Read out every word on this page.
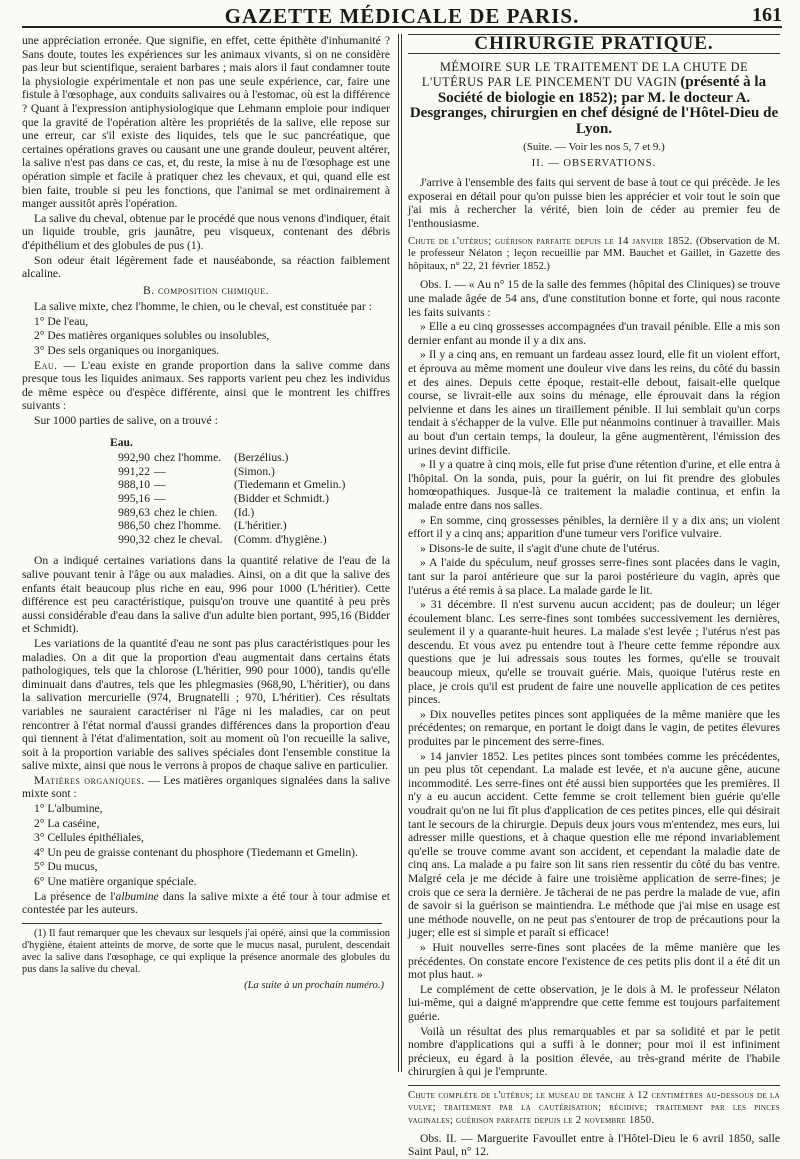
GAZETTE MÉDICALE DE PARIS.	161

une appréciation erronée. Que signifie, en effet, cette épithète d'inhumanité ? Sans doute, toutes les expériences sur les animaux vivants, si on ne considère pas leur but scientifique, seraient barbares ; mais alors il faut condamner toute la physiologie expérimentale et non pas une seule expérience, car, faire une fistule à l'œsophage, aux conduits salivaires ou à l'estomac, où est la différence ? Quant à l'expression antiphysiologique que Lehmann emploie pour indiquer que la gravité de l'opération altère les propriétés de la salive, elle repose sur une erreur, car s'il existe des liquides, tels que le suc pancréatique, que certaines opérations graves ou causant une une grande douleur, peuvent altérer, la salive n'est pas dans ce cas, et, du reste, la mise à nu de l'œsophage est une opération simple et facile à pratiquer chez les chevaux, et qui, quand elle est bien faite, trouble si peu les fonctions, que l'animal se met ordinairement à manger aussitôt après l'opération.

La salive du cheval, obtenue par le procédé que nous venons d'indiquer, était un liquide trouble, gris jaunâtre, peu visqueux, contenant des débris d'épithélium et des globules de pus (1).

Son odeur était légèrement fade et nauséabonde, sa réaction faiblement alcaline.

B. composition chimique.

La salive mixte, chez l'homme, le chien, ou le cheval, est constituée par :

1° De l'eau,

2° Des matières organiques solubles ou insolubles,

3° Des sels organiques ou inorganiques.

Eau. — L'eau existe en grande proportion dans la salive comme dans presque tous les liquides animaux. Ses rapports varient peu chez les individus de même espèce ou d'espèce différente, ainsi que le montrent les chiffres suivants :

Sur 1000 parties de salive, on a trouvé :

Eau.
992,90 chez l'homme.	(Berzélius.)
991,22 —	(Simon.)
988,10 —	(Tiedemann et Gmelin.)
995,16 —	(Bidder et Schmidt.)
989,63 chez le chien.	(Id.)
986,50 chez l'homme.	(L'héritier.)
990,32 chez le cheval. (Comm. d'hygiène.)

On a indiqué certaines variations dans la quantité relative de l'eau de la salive pouvant tenir à l'âge ou aux maladies. Ainsi, on a dit que la salive des enfants était beaucoup plus riche en eau, 996 pour 1000 (L'héritier). Cette différence est peu caractéristique, puisqu'on trouve une quantité à peu près aussi considérable d'eau dans la salive d'un adulte bien portant, 995,16 (Bidder et Schmidt).

Les variations de la quantité d'eau ne sont pas plus caractéristiques pour les maladies. On a dit que la proportion d'eau augmentait dans certains états pathologiques, tels que la chlorose (L'héritier, 990 pour 1000), tandis qu'elle diminuait dans d'autres, tels que les phlegmasies (968,90, L'héritier), ou dans la salivation mercurielle (974, Brugnatelli ; 970, L'héritier). Ces résultats variables ne sauraient caractériser ni l'âge ni les maladies, car on peut rencontrer à l'état normal d'aussi grandes différences dans la proportion d'eau qui tiennent à l'état d'alimentation, soit au moment où l'on recueille la salive, soit à la proportion variable des salives spéciales dont l'ensemble constitue la salive mixte, ainsi que nous le verrons à propos de chaque salive en particulier.

Matières organiques. — Les matières organiques signalées dans la salive mixte sont :

1° L'albumine,

2° La caséine,

3° Cellules épithéliales,

4° Un peu de graisse contenant du phosphore (Tiedemann et Gmelin).

5° Du mucus,

6° Une matière organique spéciale.

La présence de l'albumine dans la salive mixte a été tour à tour admise et contestée par les auteurs.

(1) Il faut remarquer que les chevaux sur lesquels j'ai opéré, ainsi que la commission d'hygiène, étaient atteints de morve, de sorte que le mucus nasal, purulent, descendait avec la salive dans l'œsophage, ce qui explique la présence anormale des globules du pus dans la salive du cheval.

(La suite à un prochain numéro.)

CHIRURGIE PRATIQUE.

MÉMOIRE SUR LE TRAITEMENT DE LA CHUTE DE L'UTÉRUS PAR LE PINCEMENT DU VAGIN (présenté à la Société de biologie en 1852); par M. le docteur A. Desgranges, chirurgien en chef désigné de l'Hôtel-Dieu de Lyon.

(Suite. — Voir les nos 5, 7 et 9.)

II. — OBSERVATIONS.

J'arrive à l'ensemble des faits qui servent de base à tout ce qui précède. Je les exposerai en détail pour qu'on puisse bien les apprécier et voir tout le soin que j'ai mis à rechercher la vérité, bien loin de céder au premier feu de l'enthousiasme.

Chute de l'utérus; guérison parfaite depuis le 14 janvier 1852. (Observation de M. le professeur Nélaton ; leçon recueillie par MM. Bauchet et Gaillet, in Gazette des hôpitaux, n° 22, 21 février 1852.)

Obs. I. — « Au n° 15 de la salle des femmes (hôpital des Cliniques) se trouve une malade âgée de 54 ans, d'une constitution bonne et forte, qui nous raconte les faits suivants :

» Elle a eu cinq grossesses accompagnées d'un travail pénible. Elle a mis son dernier enfant au monde il y a dix ans.

» Il y a cinq ans, en remuant un fardeau assez lourd, elle fit un violent effort, et éprouva au même moment une douleur vive dans les reins, du côté du bassin et des aines. Depuis cette époque, restait-elle debout, faisait-elle quelque course, se livrait-elle aux soins du ménage, elle éprouvait dans la région pelvienne et dans les aines un tiraillement pénible. Il lui semblait qu'un corps tendait à s'échapper de la vulve. Elle put néanmoins continuer à travailler. Mais au bout d'un certain temps, la douleur, la gêne augmentèrent, l'émission des urines devint difficile.

» Il y a quatre à cinq mois, elle fut prise d'une rétention d'urine, et elle entra à l'hôpital. On la sonda, puis, pour la guérir, on lui fit prendre des globules homœopathiques. Jusque-là ce traitement la maladie continua, et enfin la malade entre dans nos salles.

» En somme, cinq grossesses pénibles, la dernière il y a dix ans; un violent effort il y a cinq ans; apparition d'une tumeur vers l'orifice vulvaire.

» Disons-le de suite, il s'agit d'une chute de l'utérus.

» A l'aide du spéculum, neuf grosses serre-fines sont placées dans le vagin, tant sur la paroi antérieure que sur la paroi postérieure du vagin, après que l'utérus a été remis à sa place. La malade garde le lit.

» 31 décembre. Il n'est survenu aucun accident; pas de douleur; un léger écoulement blanc. Les serre-fines sont tombées successivement les dernières, seulement il y a quarante-huit heures. La malade s'est levée ; l'utérus n'est pas descendu. Et vous avez pu entendre tout à l'heure cette femme répondre aux questions que je lui adressais sous toutes les formes, qu'elle se trouvait beaucoup mieux, qu'elle se trouvait guérie. Mais, quoique l'utérus reste en place, je crois qu'il est prudent de faire une nouvelle application de ces petites pinces.

» Dix nouvelles petites pinces sont appliquées de la même manière que les précédentes; on remarque, en portant le doigt dans le vagin, de petites élevures produites par le pincement des serre-fines.

» 14 janvier 1852. Les petites pinces sont tombées comme les précédentes, un peu plus tôt cependant. La malade est levée, et n'a aucune gêne, aucune incommodité. Les serre-fines ont été aussi bien supportées que les premières. Il n'y a eu aucun accident. Cette femme se croit tellement bien guérie qu'elle voudrait qu'on ne lui fît plus d'application de ces petites pinces, elle qui désirait tant le secours de la chirurgie. Depuis deux jours vous m'entendez, mes eurs, lui adresser mille questions, et à chaque question elle me répond invariablement qu'elle se trouve comme avant son accident, et cependant la maladie date de cinq ans. La malade a pu faire son lit sans rien ressentir du côté du bas ventre. Malgré cela je me décide à faire une troisième application de serre-fines; je crois que ce sera la dernière. Je tâcherai de ne pas perdre la malade de vue, afin de savoir si la guérison se maintiendra. Le méthode que j'ai mise en usage est une méthode nouvelle, on ne peut pas s'entourer de trop de précautions pour la juger; elle est si simple et paraît si efficace!

» Huit nouvelles serre-fines sont placées de la même manière que les précédentes. On constate encore l'existence de ces petits plis dont il a été dit un mot plus haut. »

Le complément de cette observation, je le dois à M. le professeur Nélaton lui-même, qui a daigné m'apprendre que cette femme est toujours parfaitement guérie.

Voilà un résultat des plus remarquables et par sa solidité et par le petit nombre d'applications qui a suffi à le donner; pour moi il est infiniment précieux, eu égard à la position élevée, au très-grand mérite de l'habile chirurgien à qui je l'emprunte.

Chute complète de l'utérus; le museau de tanche à 12 centimètres au-dessous de la vulve; traitement par la cautérisation; récidive; traitement par les pinces vaginales; guérison parfaite depuis le 2 novembre 1850.

Obs. II. — Marguerite Favoullet entre à l'Hôtel-Dieu le 6 avril 1850, salle Saint Paul, n° 12.
